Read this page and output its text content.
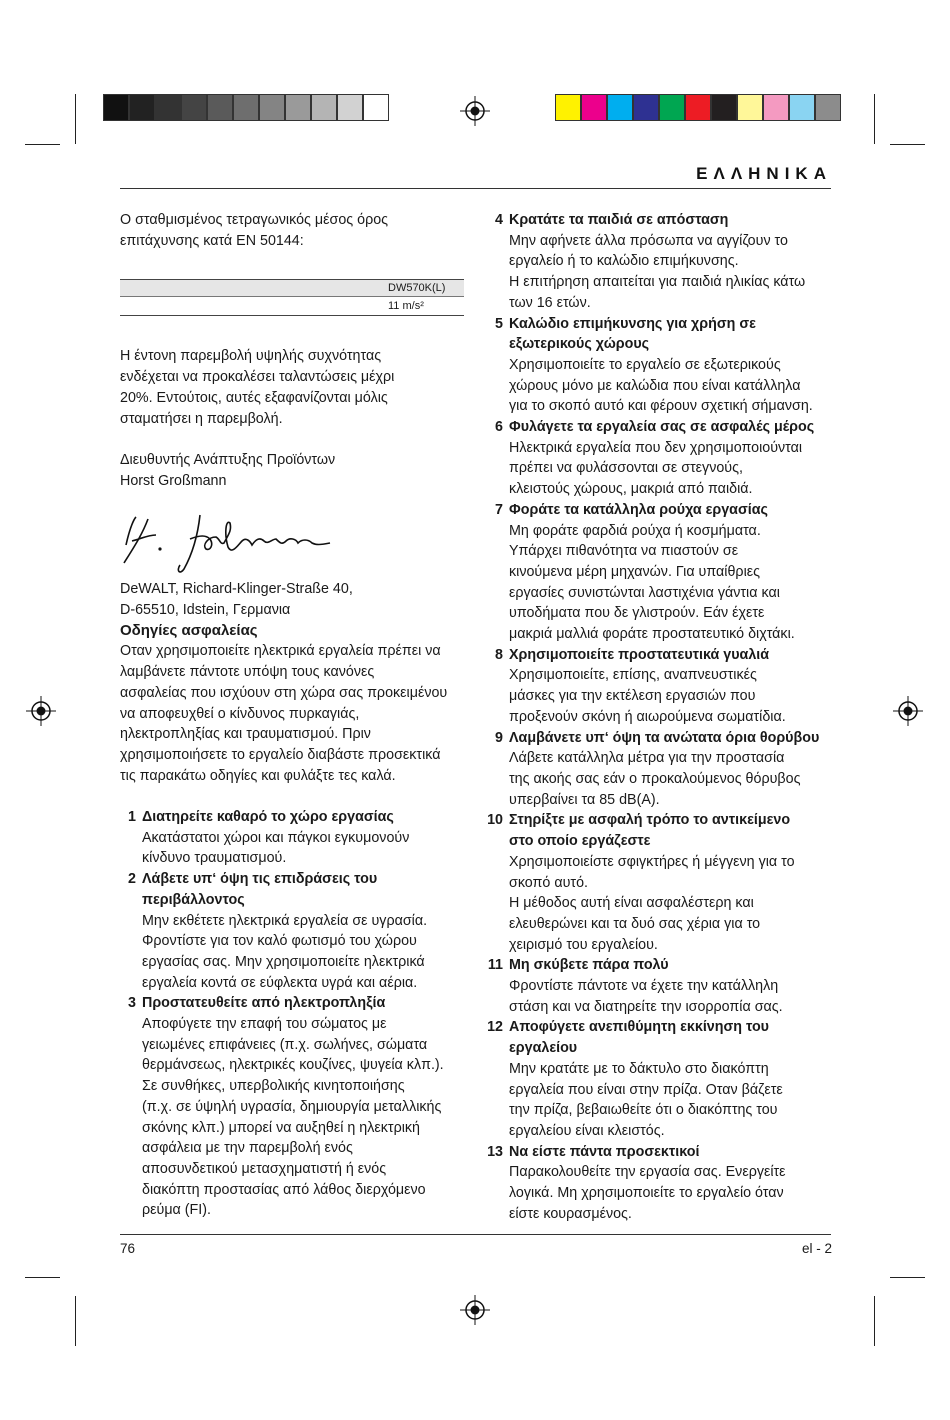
ΕΛΛΗΝΙΚΑ

Ο σταθμισμένος τετραγωνικός μέσος όρος

επιτάχυνσης κατά EN 50144:

DW570K(L)
11 m/s²

Η έντονη παρεμβολή υψηλής συχνότητας

ενδέχεται να προκαλέσει ταλαντώσεις μέχρι

20%. Εντούτοις, αυτές εξαφανίζονται μόλις

σταματήσει η παρεμβολή.

Διευθυντής Ανάπτυξης Προϊόντων

Horst Großmann

DeWALT, Richard-Klinger-Straße 40,

D-65510, Idstein, Γερμανια

Οδηγίες ασφαλείας

Οταν χρησιμοποιείτε ηλεκτρικά εργαλεία πρέπει να

λαμβάνετε πάντοτε υπόψη τους κανόνες

ασφαλείας που ισχύουν στη χώρα σας προκειμένου

να αποφευχθεί ο κίνδυνος πυρκαγιάς,

ηλεκτροπληξίας και τραυματισμού. Πριν

χρησιμοποιήσετε το εργαλείο διαβάστε προσεκτικά

τις παρακάτω οδηγίες και φυλάξτε τες καλά.

1 Διατηρείτε καθαρό το χώρο εργασίας

Ακατάστατοι χώροι και πάγκοι εγκυμονούν

κίνδυνο τραυματισμού.

2 Λάβετε υπ‘ όψη τις επιδράσεις του

περιβάλλοντος

Μην εκθέτετε ηλεκτρικά εργαλεία σε υγρασία.

Φροντίστε για τον καλό φωτισμό του χώρου

εργασίας σας. Μην χρησιμοποιείτε ηλεκτρικά

εργαλεία κοντά σε εύφλεκτα υγρά και αέρια.

3 Προστατευθείτε από ηλεκτροπληξία

Αποφύγετε την επαφή του σώματος με

γειωμένες επιφάνειες (π.χ. σωλήνες, σώματα

θερμάνσεως, ηλεκτρικές κουζίνες, ψυγεία κλπ.).

Σε συνθήκες, υπερβολικής κινητοποιήσης

(π.χ. σε ύψηλή υγρασία, δημιουργία μεταλλικής

σκόνης κλπ.) μπορεί να αυξηθεί η ηλεκτρική

ασφάλεια με την παρεμβολή ενός

αποσυνδετικού μετασχηματιστή ή ενός

διακόπτη προστασίας από λάθος διερχόμενο

ρεύμα (FI).

4 Κρατάτε τα παιδιά σε απόσταση

Μην αφήνετε άλλα πρόσωπα να αγγίζουν το

εργαλείο ή το καλώδιο επιμήκυνσης.

Η επιτήρηση απαιτείται για παιδιά ηλικίας κάτω

των 16 ετών.

5 Καλώδιο επιμήκυνσης για χρήση σε

εξωτερικούς χώρους

Χρησιμοποιείτε το εργαλείο σε εξωτερικούς

χώρους μόνο με καλώδια που είναι κατάλληλα

για το σκοπό αυτό και φέρουν σχετική σήμανση.

6 Φυλάγετε τα εργαλεία σας σε ασφαλές μέρος

Ηλεκτρικά εργαλεία που δεν χρησιμοποιούνται

πρέπει να φυλάσσονται σε στεγνούς,

κλειστούς χώρους, μακριά από παιδιά.

7 Φοράτε τα κατάλληλα ρούχα εργασίας

Μη φοράτε φαρδιά ρούχα ή κοσμήματα.

Υπάρχει πιθανότητα να πιαστούν σε

κινούμενα μέρη μηχανών. Για υπαίθριες

εργασίες συνιστώνται λαστιχένια γάντια και

υποδήματα που δε γλιστρούν. Εάν έχετε

μακριά μαλλιά φοράτε προστατευτικό διχτάκι.

8 Χρησιμοποιείτε προστατευτικά γυαλιά

Χρησιμοποιείτε, επίσης, αναπνευστικές

μάσκες για την εκτέλεση εργασιών που

προξενούν σκόνη ή αιωρούμενα σωματίδια.

9 Λαμβάνετε υπ‘ όψη τα ανώτατα όρια θορύβου

Λάβετε κατάλληλα μέτρα για την προστασία

της ακοής σας εάν ο προκαλούμενος θόρυβος

υπερβαίνει τα 85 dB(A).

10 Στηρίξτε με ασφαλή τρόπο το αντικείμενο

στο οποίο εργάζεστε

Χρησιμοποιείστε σφιγκτήρες ή μέγγενη για το

σκοπό αυτό.

Η μέθοδος αυτή είναι ασφαλέστερη και

ελευθερώνει και τα δυό σας χέρια για το

χειρισμό του εργαλείου.

11 Μη σκύβετε πάρα πολύ

Φροντίστε πάντοτε να έχετε την κατάλληλη

στάση και να διατηρείτε την ισορροπία σας.

12 Αποφύγετε ανεπιθύμητη εκκίνηση του

εργαλείου

Μην κρατάτε με το δάκτυλο στο διακόπτη

εργαλεία που είναι στην πρίζα. Οταν βάζετε

την πρίζα, βεβαιωθείτε ότι ο διακόπτης του

εργαλείου είναι κλειστός.

13 Να είστε πάντα προσεκτικοί

Παρακολουθείτε την εργασία σας. Ενεργείτε

λογικά. Μη χρησιμοποιείτε το εργαλείο όταν

είστε κουρασμένος.

76	el - 2
